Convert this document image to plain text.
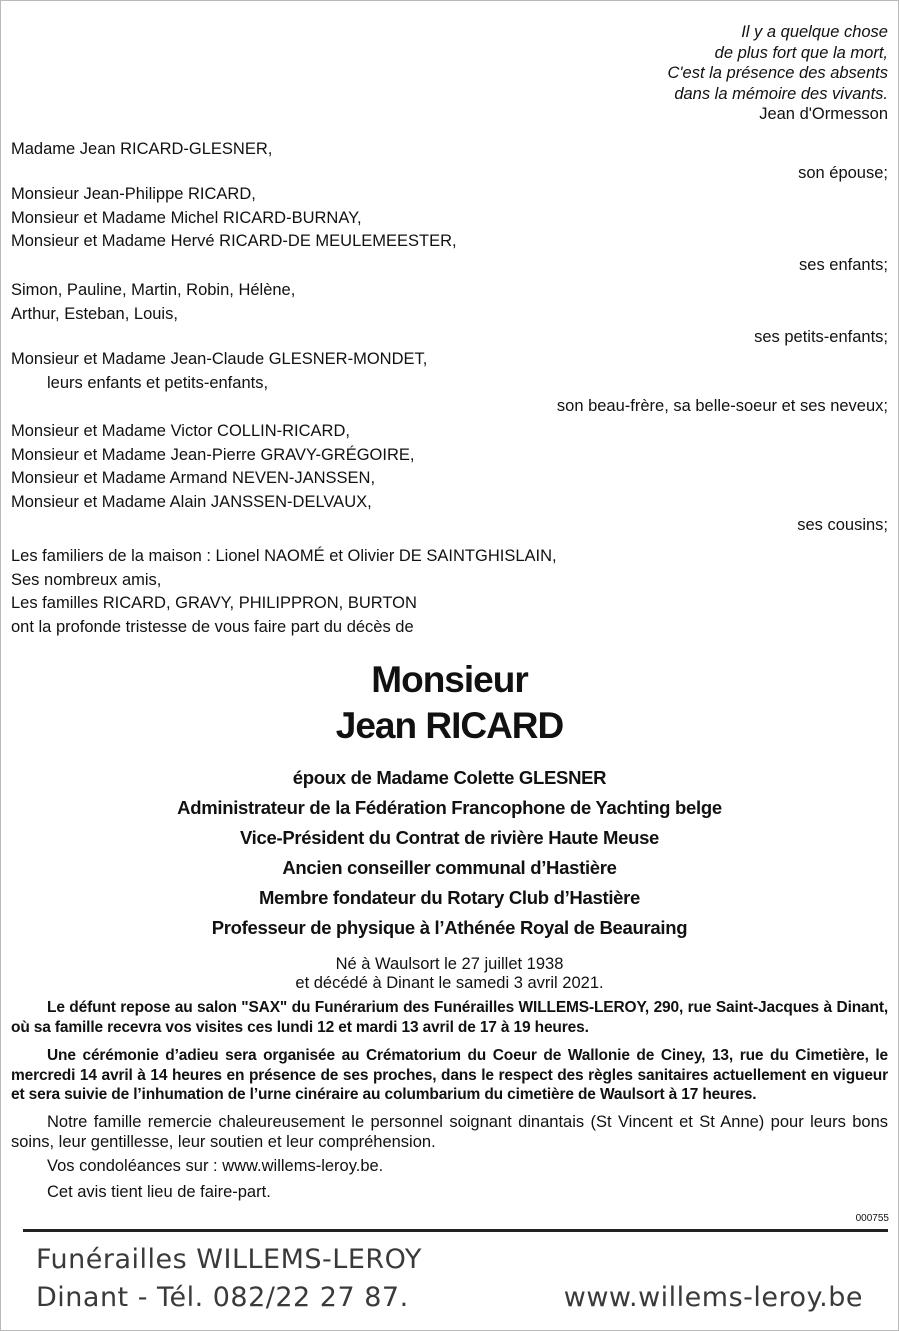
Il y a quelque chose
de plus fort que la mort,
C'est la présence des absents
dans la mémoire des vivants.
Jean d'Ormesson
Madame Jean RICARD-GLESNER,
son épouse;
Monsieur Jean-Philippe RICARD,
Monsieur et Madame Michel RICARD-BURNAY,
Monsieur et Madame Hervé RICARD-DE MEULEMEESTER,
ses enfants;
Simon, Pauline, Martin, Robin, Hélène,
Arthur, Esteban, Louis,
ses petits-enfants;
Monsieur et Madame Jean-Claude GLESNER-MONDET,
leurs enfants et petits-enfants,
son beau-frère, sa belle-soeur et ses neveux;
Monsieur et Madame Victor COLLIN-RICARD,
Monsieur et Madame Jean-Pierre GRAVY-GRÉGOIRE,
Monsieur et Madame Armand NEVEN-JANSSEN,
Monsieur et Madame Alain JANSSEN-DELVAUX,
ses cousins;
Les familiers de la maison : Lionel NAOMÉ et Olivier DE SAINTGHISLAIN,
Ses nombreux amis,
Les familles RICARD, GRAVY, PHILIPPRON, BURTON
ont la profonde tristesse de vous faire part du décès de
Monsieur
Jean RICARD
époux de Madame Colette GLESNER
Administrateur de la Fédération Francophone de Yachting belge
Vice-Président du Contrat de rivière Haute Meuse
Ancien conseiller communal d’Hastière
Membre fondateur du Rotary Club d’Hastière
Professeur de physique à l’Athénée Royal de Beauraing
Né à Waulsort le 27 juillet 1938
et décédé à Dinant le samedi 3 avril 2021.
Le défunt repose au salon "SAX" du Funérarium des Funérailles WILLEMS-LEROY, 290, rue Saint-Jacques à Dinant, où sa famille recevra vos visites ces lundi 12 et mardi 13 avril de 17 à 19 heures.
Une cérémonie d’adieu sera organisée au Crématorium du Coeur de Wallonie de Ciney, 13, rue du Cimetière, le mercredi 14 avril à 14 heures en présence de ses proches, dans le respect des règles sanitaires actuellement en vigueur et sera suivie de l’inhumation de l’urne cinéraire au columbarium du cimetière de Waulsort à 17 heures.
Notre famille remercie chaleureusement le personnel soignant dinantais (St Vincent et St Anne) pour leurs bons soins, leur gentillesse, leur soutien et leur compréhension.
Vos condoléances sur : www.willems-leroy.be.
Cet avis tient lieu de faire-part.
000755
Funérailles WILLEMS-LEROY
Dinant - Tél. 082/22 27 87.	www.willems-leroy.be
